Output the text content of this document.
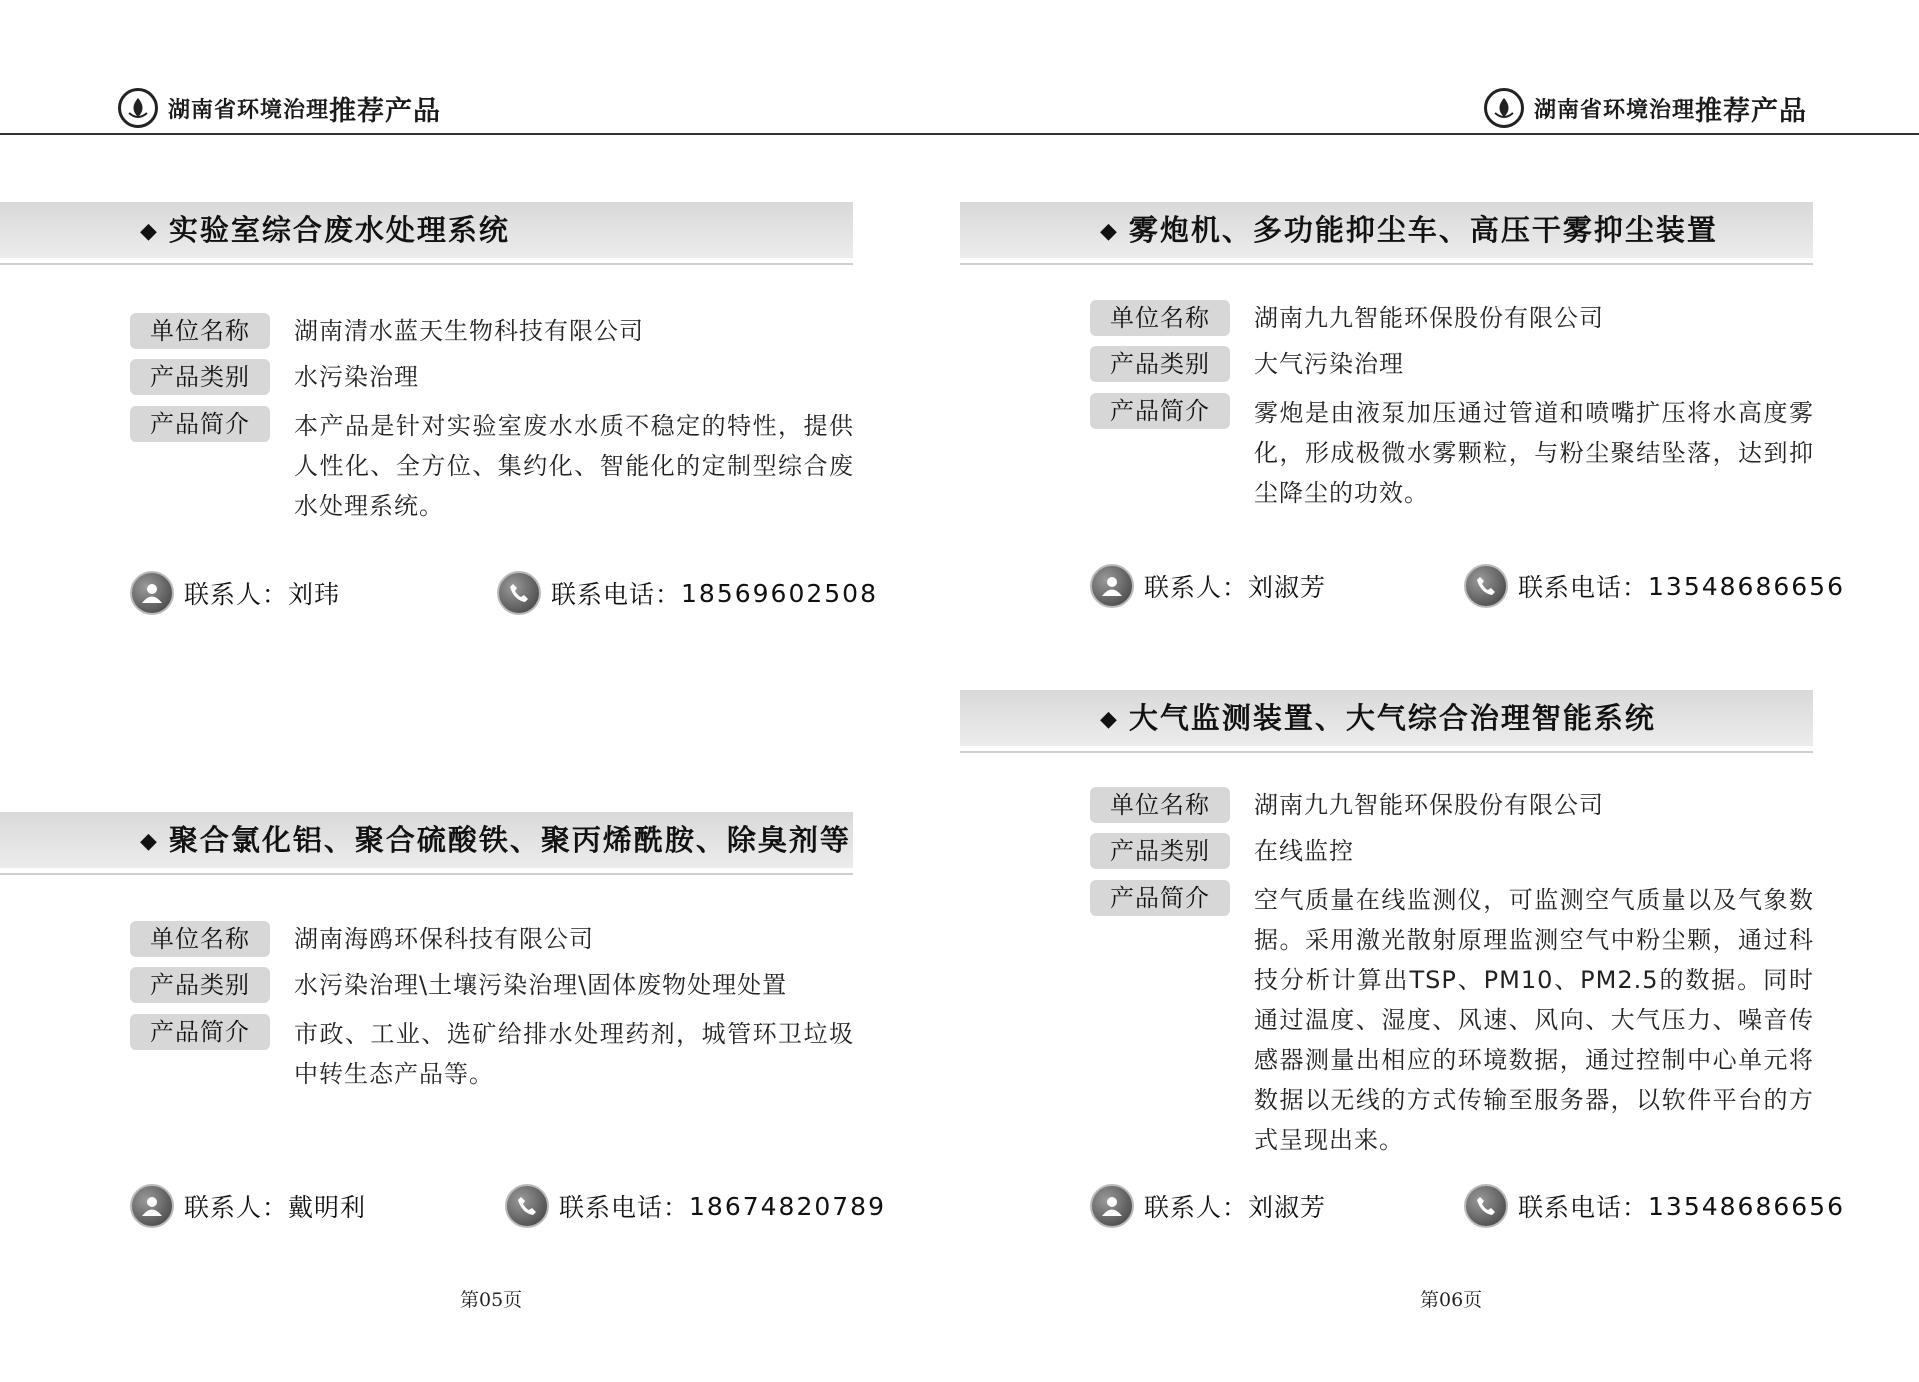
湖南省环境治理 推荐产品	湖南省环境治理 推荐产品
◆ 实验室综合废水处理系统
单位名称	湖南清水蓝天生物科技有限公司
产品类别	水污染治理
产品简介	本产品是针对实验室废水水质不稳定的特性，提供人性化、全方位、集约化、智能化的定制型综合废水处理系统。
联系人： 刘玮	联系电话： 18569602508
◆ 聚合氯化铝、聚合硫酸铁、聚丙烯酰胺、除臭剂等
单位名称	湖南海鸥环保科技有限公司
产品类别	水污染治理\土壤污染治理\固体废物处理处置
产品简介	市政、工业、选矿给排水处理药剂，城管环卫垃圾中转生态产品等。
联系人： 戴明利	联系电话： 18674820789
◆ 雾炮机、多功能抑尘车、高压干雾抑尘装置
单位名称	湖南九九智能环保股份有限公司
产品类别	大气污染治理
产品简介	雾炮是由液泵加压通过管道和喷嘴扩压将水高度雾化，形成极微水雾颗粒，与粉尘聚结坠落，达到抑尘降尘的功效。
联系人： 刘淑芳	联系电话： 13548686656
◆ 大气监测装置、大气综合治理智能系统
单位名称	湖南九九智能环保股份有限公司
产品类别	在线监控
产品简介	空气质量在线监测仪，可监测空气质量以及气象数据。采用激光散射原理监测空气中粉尘颗，通过科技分析计算出TSP、PM10、PM2.5的数据。同时通过温度、湿度、风速、风向、大气压力、噪音传感器测量出相应的环境数据，通过控制中心单元将数据以无线的方式传输至服务器，以软件平台的方式呈现出来。
联系人： 刘淑芳	联系电话： 13548686656
第05页	第06页
